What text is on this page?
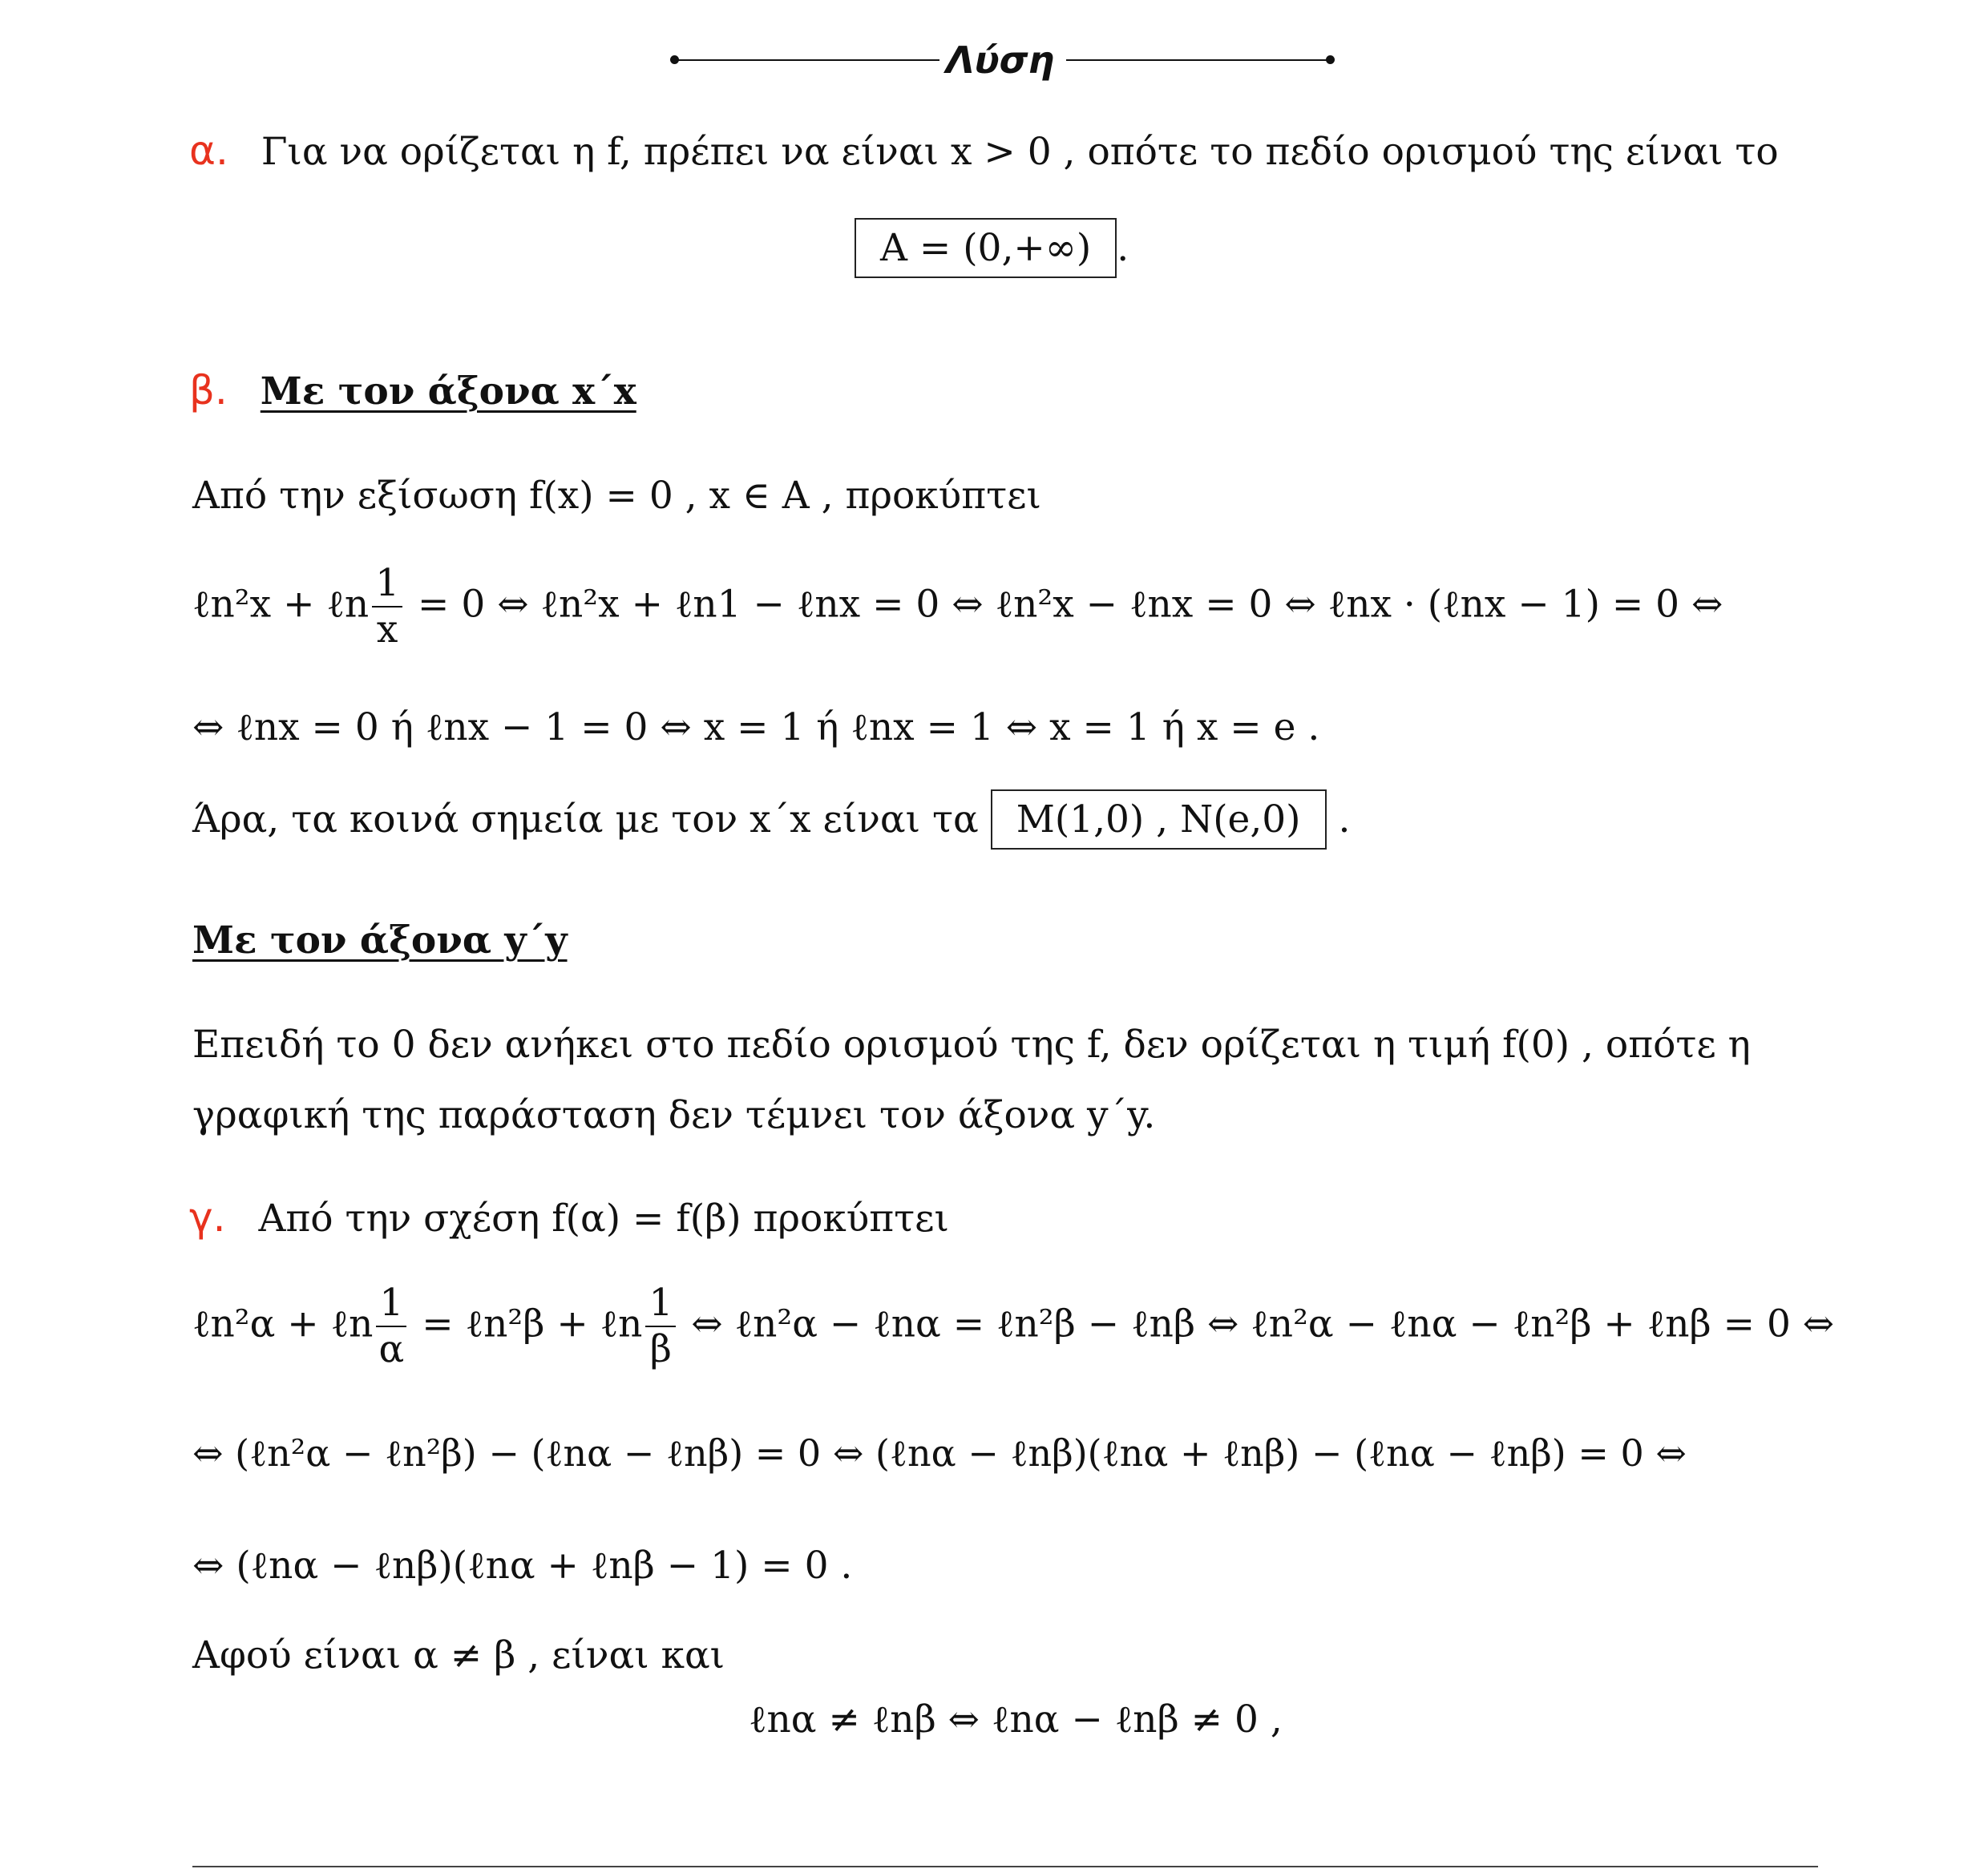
Λύση
α. Για να ορίζεται η f, πρέπει να είναι x > 0 , οπότε το πεδίο ορισμού της είναι το
A = (0,+∞) .
β. Με τον άξονα x΄x
Από την εξίσωση f(x) = 0 , x ∈ A , προκύπτει
ℓn²x + ℓn $\frac{1}{x} = 0$ ⇔ ℓn²x + ℓn1 − ℓnx = 0 ⇔ ℓn²x − ℓnx = 0 ⇔ ℓnx · (ℓnx − 1) = 0 ⇔
⇔ ℓnx = 0 ή ℓnx − 1 = 0 ⇔ x = 1 ή ℓnx = 1 ⇔ x = 1 ή x = e .
Άρα, τα κοινά σημεία με τον x΄x είναι τα M(1,0) , N(e,0) .
Με τον άξονα y΄y
Επειδή το 0 δεν ανήκει στο πεδίο ορισμού της f, δεν ορίζεται η τιμή f(0) , οπότε η
γραφική της παράσταση δεν τέμνει τον άξονα y΄y.
γ. Από την σχέση f(α) = f(β) προκύπτει
ℓn²α + ℓn $\frac{1}{\alpha}$ = ℓn²β + ℓn $\frac{1}{\beta}$ ⇔ ℓn²α − ℓnα = ℓn²β − ℓnβ ⇔ ℓn²α − ℓnα − ℓn²β + ℓnβ = 0 ⇔
⇔ (ℓn²α − ℓn²β) − (ℓnα − ℓnβ) = 0 ⇔ (ℓnα − ℓnβ)(ℓnα + ℓnβ) − (ℓnα − ℓnβ) = 0 ⇔
⇔ (ℓnα − ℓnβ)(ℓnα + ℓnβ − 1) = 0 .
Αφού είναι α ≠ β , είναι και
ℓnα ≠ ℓnβ ⇔ ℓnα − ℓnβ ≠ 0 ,
